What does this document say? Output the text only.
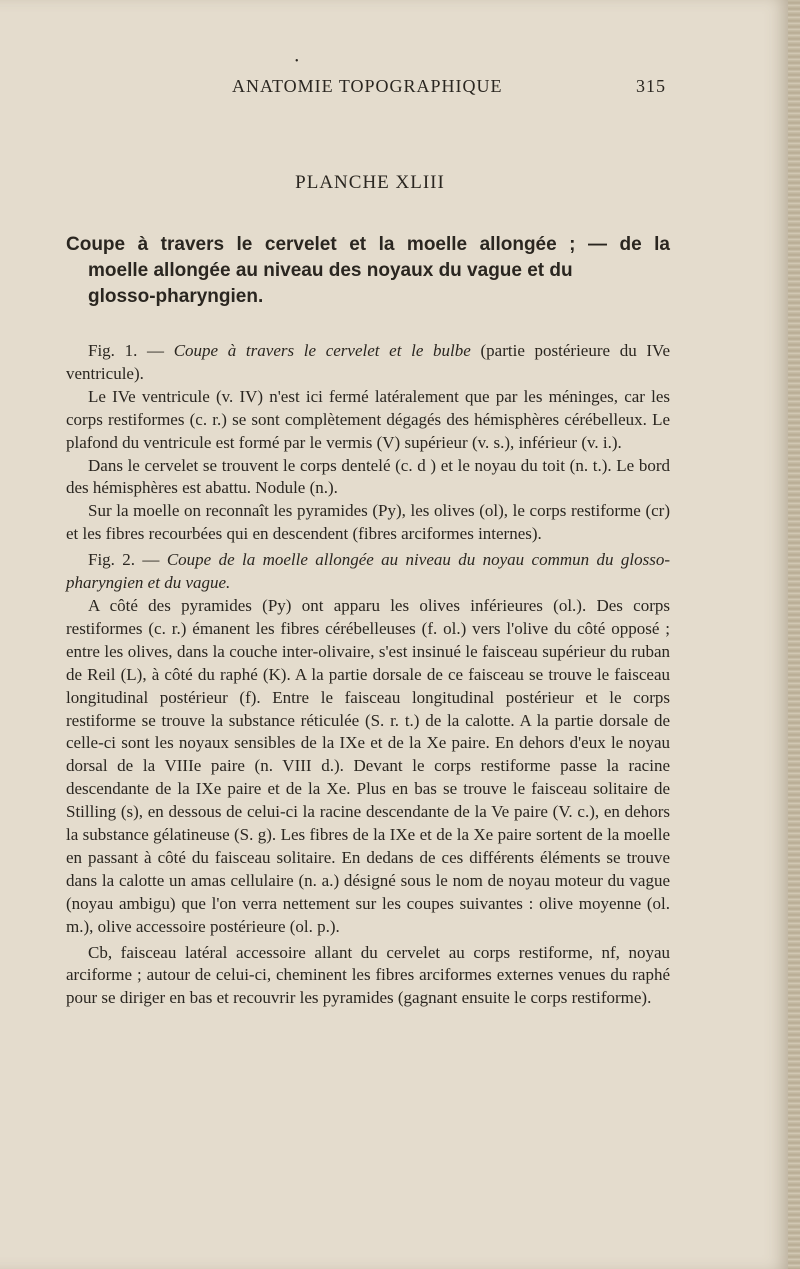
•
ANATOMIE TOPOGRAPHIQUE	315
PLANCHE XLIII
Coupe à travers le cervelet et la moelle allongée ; — de la
moelle allongée au niveau des noyaux du vague et du
glosso-pharyngien.

Fig. 1. — Coupe à travers le cervelet et le bulbe (partie postérieure du IVe ventricule).

Le IVe ventricule (v. IV) n'est ici fermé latéralement que par les méninges, car les corps restiformes (c. r.) se sont complètement dégagés des hémisphères cérébelleux. Le plafond du ventricule est formé par le vermis (V) supérieur (v. s.), inférieur (v. i.).

Dans le cervelet se trouvent le corps dentelé (c. d ) et le noyau du toit (n. t.). Le bord des hémisphères est abattu. Nodule (n.).

Sur la moelle on reconnaît les pyramides (Py), les olives (ol), le corps restiforme (cr) et les fibres recourbées qui en descendent (fibres arciformes internes).

Fig. 2. — Coupe de la moelle allongée au niveau du noyau commun du glosso-pharyngien et du vague.

A côté des pyramides (Py) ont apparu les olives inférieures (ol.). Des corps restiformes (c. r.) émanent les fibres cérébelleuses (f. ol.) vers l'olive du côté opposé ; entre les olives, dans la couche inter-olivaire, s'est insinué le faisceau supérieur du ruban de Reil (L), à côté du raphé (K). A la partie dorsale de ce faisceau se trouve le faisceau longitudinal postérieur (f). Entre le faisceau longitudinal postérieur et le corps restiforme se trouve la substance réticulée (S. r. t.) de la calotte. A la partie dorsale de celle-ci sont les noyaux sensibles de la IXe et de la Xe paire. En dehors d'eux le noyau dorsal de la VIIIe paire (n. VIII d.). Devant le corps restiforme passe la racine descendante de la IXe paire et de la Xe. Plus en bas se trouve le faisceau solitaire de Stilling (s), en dessous de celui-ci la racine descendante de la Ve paire (V. c.), en dehors la substance gélatineuse (S. g). Les fibres de la IXe et de la Xe paire sortent de la moelle en passant à côté du faisceau solitaire. En dedans de ces différents éléments se trouve dans la calotte un amas cellulaire (n. a.) désigné sous le nom de noyau moteur du vague (noyau ambigu) que l'on verra nettement sur les coupes suivantes : olive moyenne (ol. m.), olive accessoire postérieure (ol. p.).

Cb, faisceau latéral accessoire allant du cervelet au corps restiforme, nf, noyau arciforme ; autour de celui-ci, cheminent les fibres arciformes externes venues du raphé pour se diriger en bas et recouvrir les pyramides (gagnant ensuite le corps restiforme).
